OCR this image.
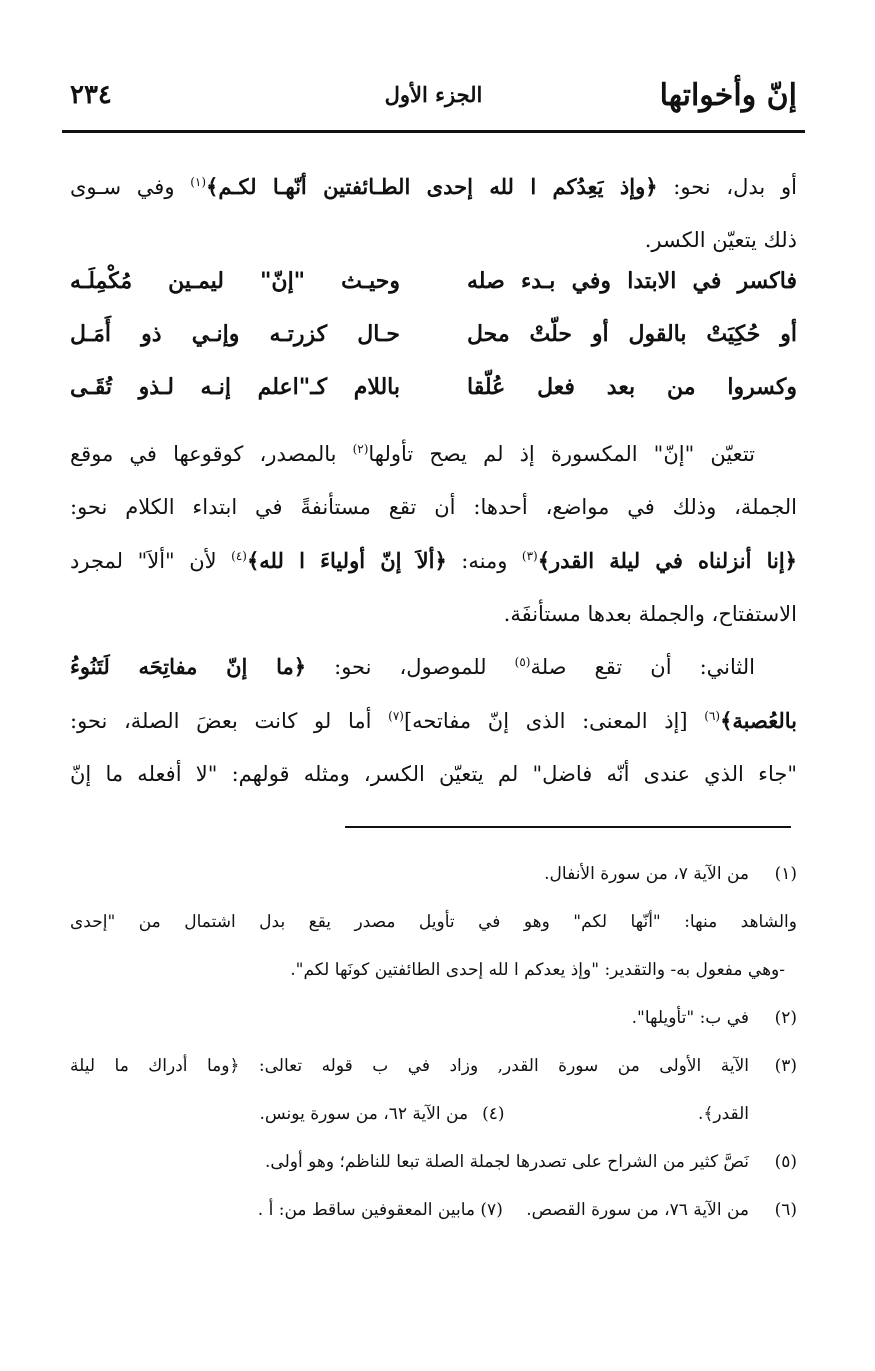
إنّ وأخواتها
الجزء الأول
٢٣٤
أو بدل، نحو: ﴿وإذ يَعِدُكم ا لله إحدى الطـائفتين أنّهـا لكـم﴾$^{(١)}$ وفي سـوى
ذلك يتعيّن الكسر.
فاكسر في الابتدا وفي بـدء صله
وحيـث "إنّ" ليمـين مُكْمِلَـه
أو حُكِيَتْ بالقول أو حلّتْ محل
حـال كزرتـه وإنـي ذو أَمَـل
وكسروا من بعد فعل عُلّقا
باللام كـ"اعلم إنـه لـذو تُقَـى
تتعيّن "إنّ" المكسورة إذ لم يصح تأولها$^{(٢)}$ بالمصدر، كوقوعها في موقع
الجملة، وذلك في مواضع، أحدها: أن تقع مستأنفةً في ابتداء الكلام نحو:
﴿إنا أنزلناه في ليلة القدر﴾$^{(٣)}$ ومنه: ﴿ألاَ إنّ أولياءَ ا لله﴾$^{(٤)}$ لأن "ألاَ" لمجرد
الاستفتاح، والجملة بعدها مستأنفَة.
الثاني: أن تقع صلة$^{(٥)}$ للموصول، نحو: ﴿ما إنّ مفاتِحَه لَتَنُوءُ
بالعُصبة﴾$^{(٦)}$ [إذ المعنى: الذى إنّ مفاتحه]$^{(٧)}$ أما لو كانت بعضَ الصلة، نحو:
"جاء الذي عندى أنّه فاضل" لم يتعيّن الكسر، ومثله قولهم: "لا أفعله ما إنّ
(١)
من الآية ٧، من سورة الأنفال.
والشاهد منها: "أنّها لكم" وهو في تأويل مصدر يقع بدل اشتمال من "إحدى
-وهي مفعول به- والتقدير: "وإذ يعدكم ا لله إحدى الطائفتين كونَها لكم".
(٢)
في ب: "تأويلها".
(٣)
الآية الأولى من سورة القدر, وزاد في ب قوله تعالى: ﴿وما أدراك ما ليلة
القدر﴾.
(٤)من الآية ٦٢، من سورة يونس.
(٥)
نَصَّ كثير من الشراح على تصدرها لجملة الصلة تبعا للناظم؛ وهو أولى.
(٦)
من الآية ٧٦، من سورة القصص. (٧) مابين المعقوفين ساقط من: أ .
